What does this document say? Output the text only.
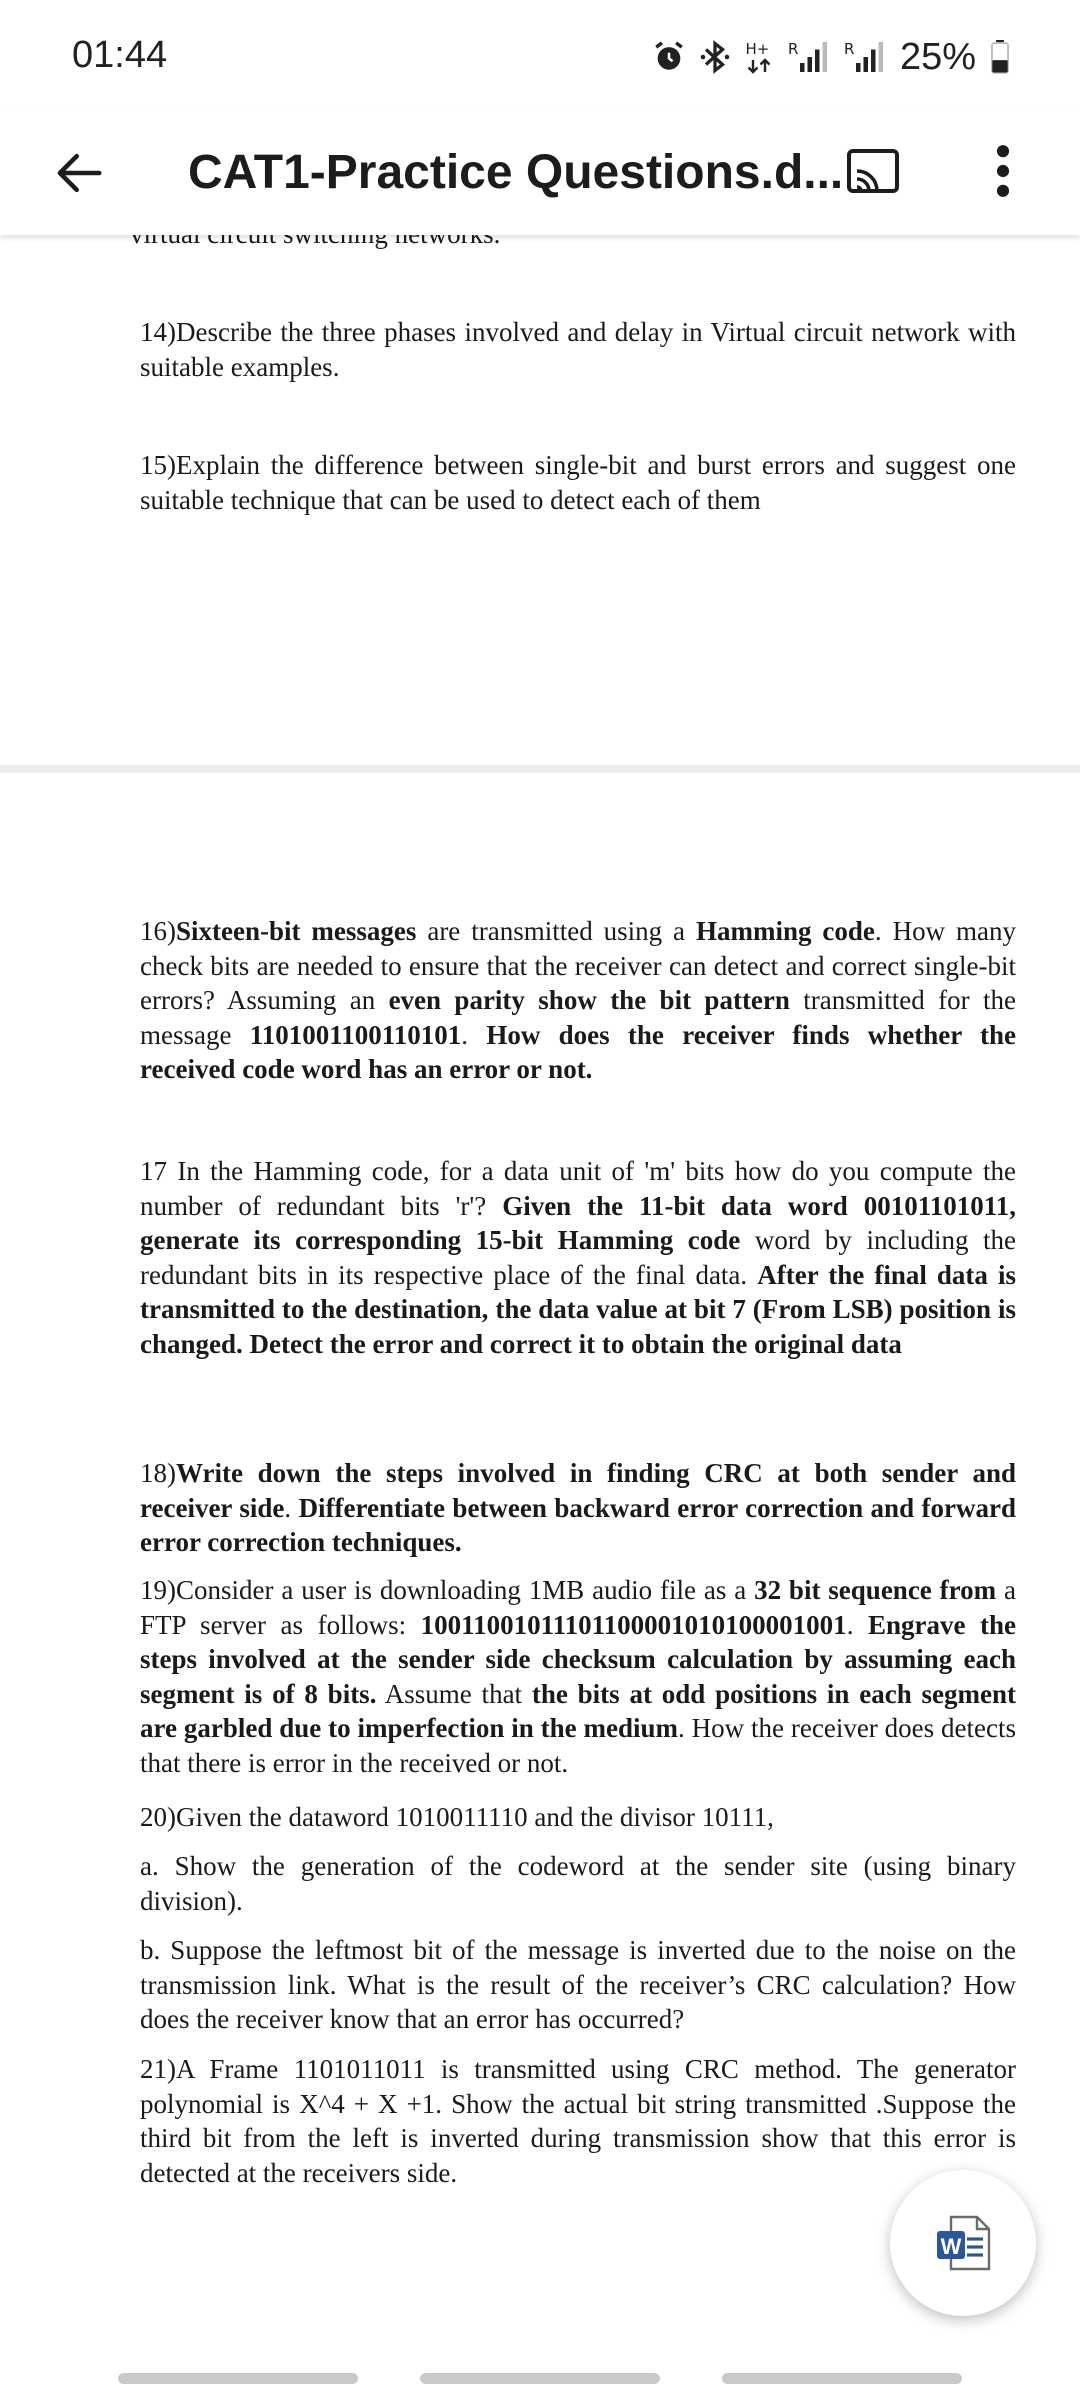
01:44	H+ R	R 25%
CAT1-Practice Questions.d...

14)Describe the three phases involved and delay in Virtual circuit network with suitable examples.

15)Explain the difference between single-bit and burst errors and suggest one suitable technique that can be used to detect each of them

16)Sixteen-bit messages are transmitted using a Hamming code. How many check bits are needed to ensure that the receiver can detect and correct single-bit errors? Assuming an even parity show the bit pattern transmitted for the message 1101001100110101. How does the receiver finds whether the received code word has an error or not.

17 In the Hamming code, for a data unit of 'm' bits how do you compute the number of redundant bits 'r'? Given the 11-bit data word 00101101011, generate its corresponding 15-bit Hamming code word by including the redundant bits in its respective place of the final data. After the final data is transmitted to the destination, the data value at bit 7 (From LSB) position is changed. Detect the error and correct it to obtain the original data

18)Write down the steps involved in finding CRC at both sender and receiver side. Differentiate between backward error correction and forward error correction techniques.

19)Consider a user is downloading 1MB audio file as a 32 bit sequence from a FTP server as follows: 10011001011101100001010100001001. Engrave the steps involved at the sender side checksum calculation by assuming each segment is of 8 bits. Assume that the bits at odd positions in each segment are garbled due to imperfection in the medium. How the receiver does detects that there is error in the received or not.

20)Given the dataword 1010011110 and the divisor 10111,

a. Show the generation of the codeword at the sender site (using binary division).

b. Suppose the leftmost bit of the message is inverted due to the noise on the transmission link. What is the result of the receiver’s CRC calculation? How does the receiver know that an error has occurred?

21)A Frame 1101011011 is transmitted using CRC method. The generator polynomial is X^4 + X +1. Show the actual bit string transmitted .Suppose the third bit from the left is inverted during transmission show that this error is detected at the receivers side.

W
